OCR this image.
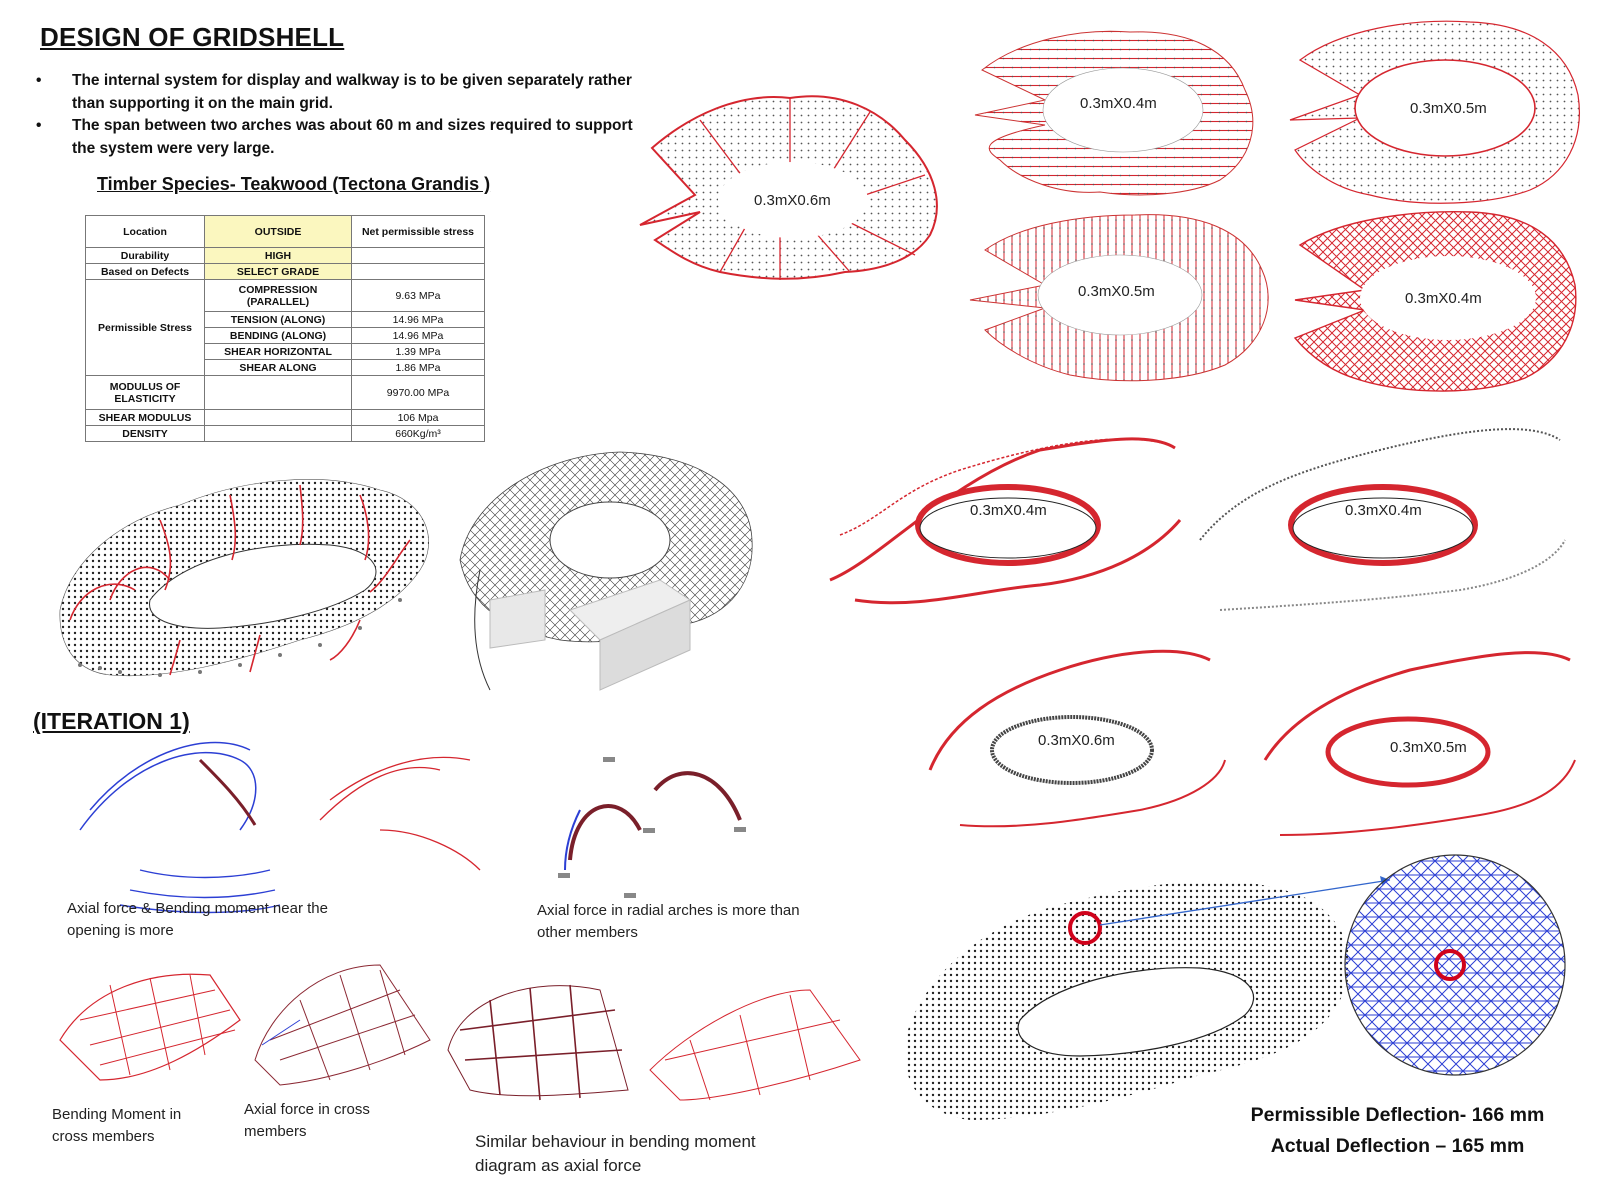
DESIGN OF GRIDSHELL
• The internal system for display and walkway is to be given separately rather than supporting it on the main grid.
• The span between two arches was about 60 m and sizes required to support the system were very large.
Timber Species- Teakwood (Tectona Grandis )
Location	OUTSIDE	Net permissible stress
Durability	HIGH	
Based on Defects	SELECT GRADE	
Permissible Stress	COMPRESSION (PARALLEL)	9.63 MPa
	TENSION (ALONG)	14.96 MPa
	BENDING (ALONG)	14.96 MPa
	SHEAR HORIZONTAL	1.39 MPa
	SHEAR ALONG	1.86 MPa
MODULUS OF ELASTICITY		9970.00 MPa
SHEAR MODULUS		106 Mpa
DENSITY		660Kg/m³
0.3mX0.6m
0.3mX0.4m	0.3mX0.5m
0.3mX0.5m	0.3mX0.4m
0.3mX0.4m	0.3mX0.4m
0.3mX0.6m	0.3mX0.5m
(ITERATION 1)
Axial force & Bending moment near the opening is more
Axial force in radial arches is more than other members
Bending Moment in cross members
Axial force in cross members
Similar behaviour in bending moment diagram as axial force
Permissible Deflection- 166 mm
Actual Deflection – 165 mm
